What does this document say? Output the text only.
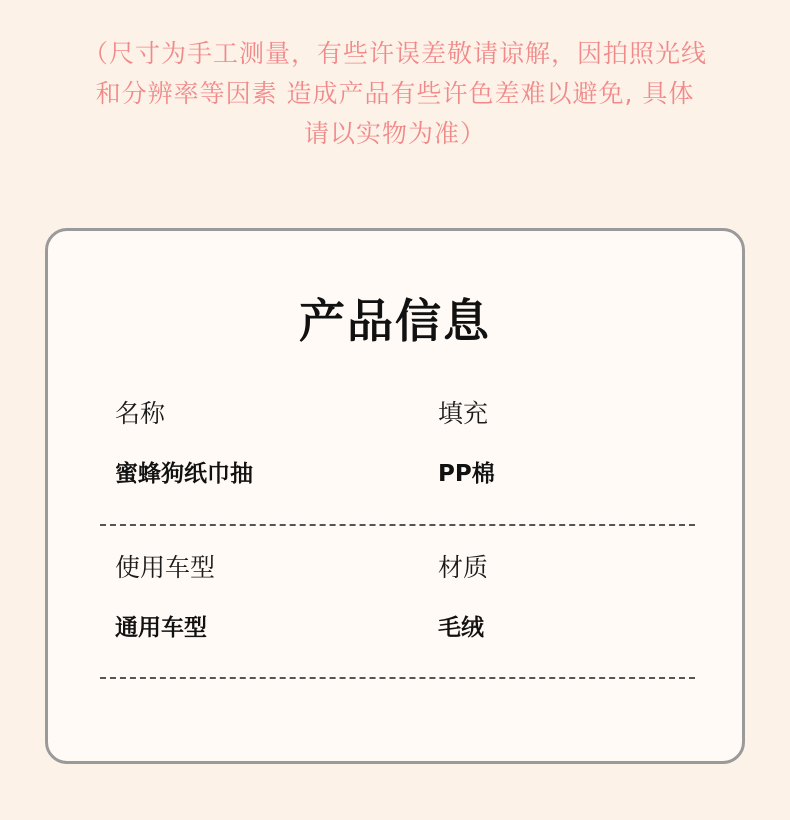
（尺寸为手工测量，有些许误差敬请谅解，因拍照光线
和分辨率等因素 造成产品有些许色差难以避免, 具体
请以实物为准）
产品信息
名称
蜜蜂狗纸巾抽
填充
PP棉
使用车型
通用车型
材质
毛绒
